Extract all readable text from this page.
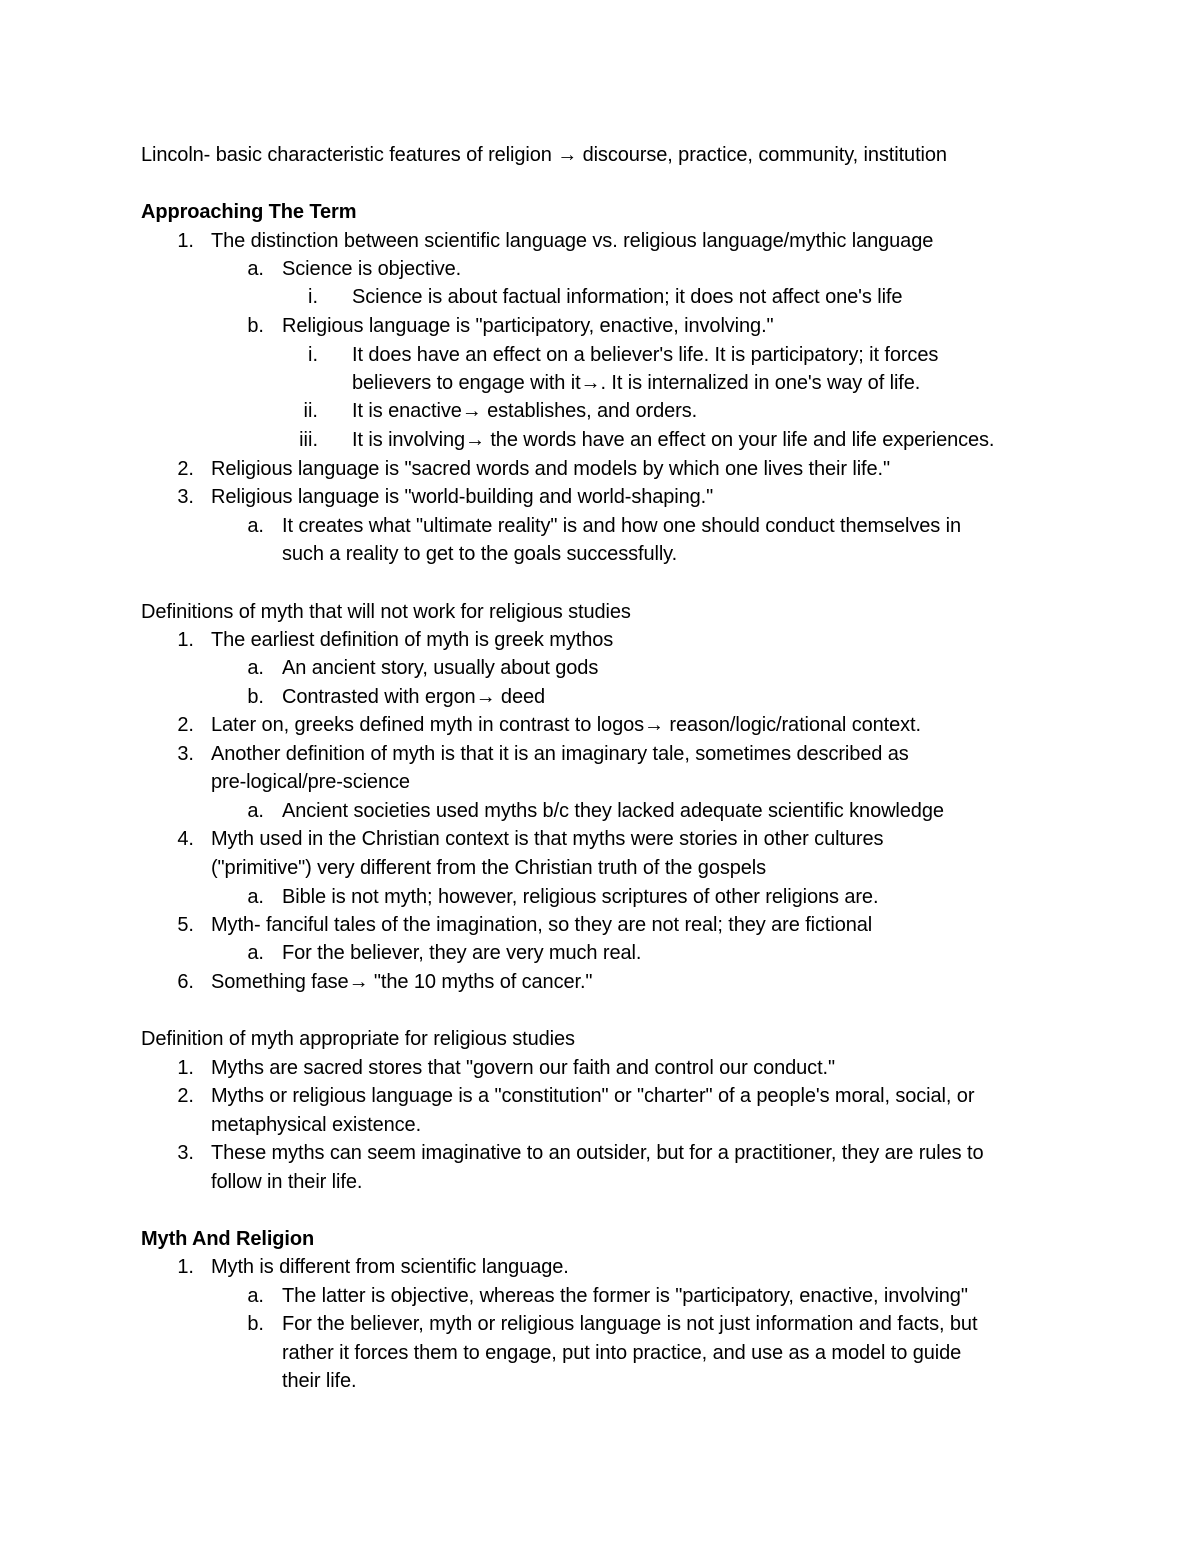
Lincoln- basic characteristic features of religion → discourse, practice, community, institution
Approaching The Term
1. The distinction between scientific language vs. religious language/mythic language
a. Science is objective.
i. Science is about factual information; it does not affect one's life
b. Religious language is "participatory, enactive, involving."
i. It does have an effect on a believer's life. It is participatory; it forces
believers to engage with it→. It is internalized in one's way of life.
ii. It is enactive→ establishes, and orders.
iii. It is involving→ the words have an effect on your life and life experiences.
2. Religious language is "sacred words and models by which one lives their life."
3. Religious language is "world-building and world-shaping."
a. It creates what "ultimate reality" is and how one should conduct themselves in
such a reality to get to the goals successfully.
Definitions of myth that will not work for religious studies
1. The earliest definition of myth is greek mythos
a. An ancient story, usually about gods
b. Contrasted with ergon→ deed
2. Later on, greeks defined myth in contrast to logos→ reason/logic/rational context.
3. Another definition of myth is that it is an imaginary tale, sometimes described as
pre-logical/pre-science
a. Ancient societies used myths b/c they lacked adequate scientific knowledge
4. Myth used in the Christian context is that myths were stories in other cultures
("primitive") very different from the Christian truth of the gospels
a. Bible is not myth; however, religious scriptures of other religions are.
5. Myth- fanciful tales of the imagination, so they are not real; they are fictional
a. For the believer, they are very much real.
6. Something fase→ "the 10 myths of cancer."
Definition of myth appropriate for religious studies
1. Myths are sacred stores that "govern our faith and control our conduct."
2. Myths or religious language is a "constitution" or "charter" of a people's moral, social, or
metaphysical existence.
3. These myths can seem imaginative to an outsider, but for a practitioner, they are rules to
follow in their life.
Myth And Religion
1. Myth is different from scientific language.
a. The latter is objective, whereas the former is "participatory, enactive, involving"
b. For the believer, myth or religious language is not just information and facts, but
rather it forces them to engage, put into practice, and use as a model to guide
their life.
